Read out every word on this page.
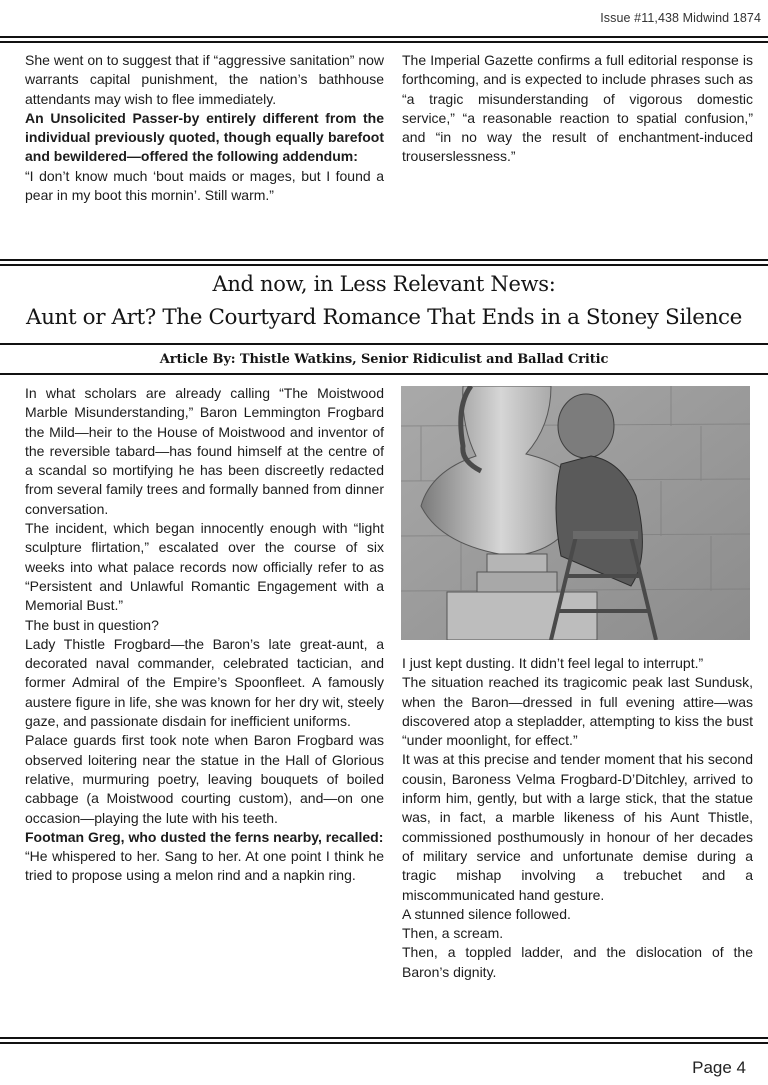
Issue #11,438 Midwind 1874

She went on to suggest that if “aggressive sanitation” now warrants capital punishment, the nation’s bathhouse attendants may wish to flee immediately.

An Unsolicited Passer-by entirely different from the individual previously quoted, though equally barefoot and bewildered—offered the following addendum:

“I don’t know much ‘bout maids or mages, but I found a pear in my boot this mornin’. Still warm.”

The Imperial Gazette confirms a full editorial response is forthcoming, and is expected to include phrases such as “a tragic misunderstanding of vigorous domestic service,” “a reasonable reaction to spatial confusion,” and “in no way the result of enchantment-induced trouserslessness.”

And now, in Less Relevant News:
Aunt or Art? The Courtyard Romance That Ends in a Stoney Silence
Article By: Thistle Watkins, Senior Ridiculist and Ballad Critic

In what scholars are already calling “The Moistwood Marble Misunderstanding,” Baron Lemmington Frogbard the Mild—heir to the House of Moistwood and inventor of the reversible tabard—has found himself at the centre of a scandal so mortifying he has been discreetly redacted from several family trees and formally banned from dinner conversation.

The incident, which began innocently enough with “light sculpture flirtation,” escalated over the course of six weeks into what palace records now officially refer to as “Persistent and Unlawful Romantic Engagement with a Memorial Bust.”

The bust in question?

Lady Thistle Frogbard—the Baron’s late great-aunt, a decorated naval commander, celebrated tactician, and former Admiral of the Empire’s Spoonfleet. A famously austere figure in life, she was known for her dry wit, steely gaze, and passionate disdain for inefficient uniforms.

Palace guards first took note when Baron Frogbard was observed loitering near the statue in the Hall of Glorious relative, murmuring poetry, leaving bouquets of boiled cabbage (a Moistwood courting custom), and—on one occasion—playing the lute with his teeth.

Footman Greg, who dusted the ferns nearby, recalled:

“He whispered to her. Sang to her. At one point I think he tried to propose using a melon rind and a napkin ring.

I just kept dusting. It didn’t feel legal to interrupt.”

The situation reached its tragicomic peak last Sundusk, when the Baron—dressed in full evening attire—was discovered atop a stepladder, attempting to kiss the bust “under moonlight, for effect.”

It was at this precise and tender moment that his second cousin, Baroness Velma Frogbard-D’Ditchley, arrived to inform him, gently, but with a large stick, that the statue was, in fact, a marble likeness of his Aunt Thistle, commissioned posthumously in honour of her decades of military service and unfortunate demise during a tragic mishap involving a trebuchet and a miscommunicated hand gesture.

A stunned silence followed.

Then, a scream.

Then, a toppled ladder, and the dislocation of the Baron’s dignity.

Page 4
